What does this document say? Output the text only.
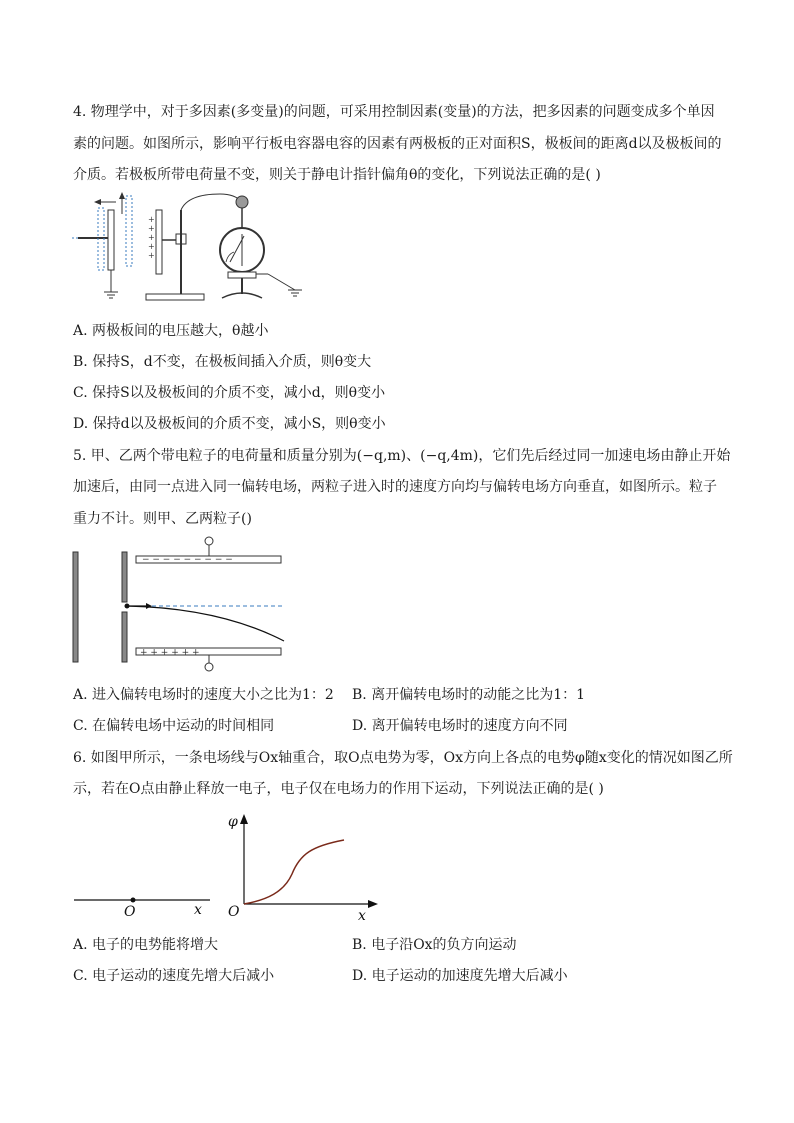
4. 物理学中，对于多因素(多变量)的问题，可采用控制因素(变量)的方法，把多因素的问题变成多个单因
素的问题。如图所示，影响平行板电容器电容的因素有两极板的正对面积S，极板间的距离d以及极板间的
介质。若极板所带电荷量不变，则关于静电计指针偏角θ的变化，下列说法正确的是( )
+
+
+
+
+
A. 两极板间的电压越大，θ越小
B. 保持S，d不变，在极板间插入介质，则θ变大
C. 保持S以及极板间的介质不变，减小d，则θ变小
D. 保持d以及极板间的介质不变，减小S，则θ变小
5. 甲、乙两个带电粒子的电荷量和质量分别为(−q,m)、(−q,4m)，它们先后经过同一加速电场由静止开始
加速后，由同一点进入同一偏转电场，两粒子进入时的速度方向均与偏转电场方向垂直，如图所示。粒子
重力不计。则甲、乙两粒子()
− − − − − − − − −
+ + + + + +
A. 进入偏转电场时的速度大小之比为1：2 B. 离开偏转电场时的动能之比为1：1
C. 在偏转电场中运动的时间相同	D. 离开偏转电场时的速度方向不同
6. 如图甲所示，一条电场线与Ox轴重合，取O点电势为零，Ox方向上各点的电势φ随x变化的情况如图乙所
示，若在O点由静止释放一电子，电子仅在电场力的作用下运动，下列说法正确的是( )
O	x
φ
O	x
A. 电子的电势能将增大	B. 电子沿Ox的负方向运动
C. 电子运动的速度先增大后减小	D. 电子运动的加速度先增大后减小
